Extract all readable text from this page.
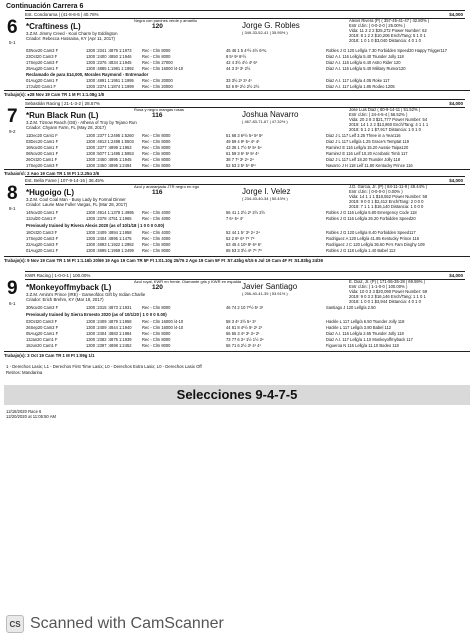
Continuación Carrera 6
6
5-1
Est. Condorama | (41-8-6-5 | 40.78%	$4,000
Negra con parches verde y amarillo
*Craftiness (L)	120	Jorge G. Robles
( 349-33-52-41 | 35.95% )
3.Z.M. Jimmy Creed - Kool Charm by Eddington
Criador: Rebecca Hossaina, KY (Apr 11, 2017)
Alexis Rivera (P) ( 357-45-41-47 | 42.80% )
Entr c/Jin: ( 0-0-2-0 | 25.00% )
Vida: 11 2 2 2 $25,272 Power Number: 62
2019: 8 1 2 2 $10,206 Ench/Tang: 5 1 0 1
2018: 1 0 1 0 $3,040 Distancia: 4 0 1 0
03Nov20 Cam3 F	1300 :2341 :4879 1:1973	Rec - Clm 8000	45 46 1 5 4¹½ 4½ 6¹¾	Robles J G 120 Lellg/a 7.30 Forbidden Speed20 Happy Trigger117
23Oct20 Cam3 F	1300 :2400 :4850 1:1946	Rec - Clm 8000	8 5¹ 9¹ 6¹½	Diaz A.I. 116 Lellg/a 5.40 Tsunder Jolly 118
17Sep20 Cam3 F	1300 :2376 :4834 1:1945	Rec - Clm 27000	42 4 3½ 4½ 4¹ 6¹	Diaz A.I. 116 Lellg/a 6.40 Astro Rider 120
29Aug20 Cam1 F	1300 :4885 1:1981 1:1992 Rec - Clm 16000 /4-10	44 3 3¹ 3¹ 2½	Diaz A.I. 116 Lellg/a 5.40 Military Rumor120
Reclamado de para $14,000, Morales Raymond - Entrenador
01Aug20 Cam1 F	1300 :4891 1:1951 1:1995 Rec - Clm 20000	33 3½ 2¹ 3¹ 4¹	Diaz A.I. 117 Lellg/a 4.05 Roke 117
17Jul20 Cam1 F	1300 :2374 1:1874 1:1999 Rec - Clm 20000	52 6 9¹ 2½ 2½ 2½	Diaz A.I. 117 Lellg/a 1.85 Rodeo 1205
Trabajo(s): ●28 Nov 19 Cam TR 1 M Ft 1:1.08g 1/8
7
9-2
Sebastián Racing | 21-1-3-2 | 28.57%	$4,000
Rosa y negro mangas rosas
*Run Black Run (L)	116	Joshua Navarro
( 467-83-71-67 | 47.32% )
3.Z.M. Tiznow Reach (GB) - Athena of Troy by Tejano Run
Criador: Chyann Farm, FL (May 28, 2017)
Jose Luis Diaz ( 60-9-14-11 | 51.52% )
Entr c/Jin: ( 24-4-5-4 | 56.52% )
Vida: 20 2 8 3 $21,777 Power Number: 54
2019: 14 1 2 2 $13,860 Ench/Tang: 4 1 1 1
2018: 5 1 2 1 $7,917 Distancia: 1 0 1 0
11Dec20 Cam1 F	1300 :2377 1:2495 1:5260 Rec - Clm 8000	51 68 3 6¹½ 5⁴ 5² 5²	Diaz J L 117 Lelf 3.25 Three in a Year116
03Dec20 Cam1 F	1300 :4913 1:2498 1:5503 Rec - Clm 8000	49 59 4 9¹ 5⁴ 4⁵ 4¹	Diaz J L 117 Lellg/a 1.25 Grace's Temptat 119
16Nov20 Cam1 F	1300 :2377 :4899 1:1953	Rec - Clm 8000	43 36 1 7½ 5¹ 5⁴ 5⁴	Ramirez E 116 Lellg/a 15.20 Aussie Taipa120
06Nov20 Cam1 F	1300 :5077 1:1495 1:5953 Rec - Clm 8000	61 59 3 6¹ 5¹ 5¹ 4¹	Ramirez E 116 Lelf 10.20 Acrobatic Timb 117
26Oct20 Cam1 F	1300 :2450 :4895 1:1945	Rec - Clm 8000	38 7 7¹ 3¹ 2⁴ 2⁴	Diaz J L 117 Lelf 18.20 Tsunder Jolly 118
17Sep20 Cam3 F	1300 :2450 :4895 1:2494	Rec - Clm 8000	52 53 2 5¹ 5⁹ 8¹¹	Navarro J H 118 Lelf 11.80 Kentucky Prince 116
Trabajo(s): 2 Ago 19 Cam TR 1 M Ft 1:2.25g 2/6
8
8-1
Est. Bella Fame | 107-9-14-16 | 36.45%	$4,000
Azul y anaranjada JTR negro en ego
*Hugoigo (L)	116	Jorge I. Velez
( 234-43-40-34 | 50.43% )
3.Z.M. Cool Coal Man - Busy Lady by Formal Dinner
Criador: Laurie Mae Fuller Vargas, FL (Mar 28, 2017)
J.D. Garcia, Jr. (P) ( 84-11-11-9 | 48.44% )
Entr c/Jin: ( 0-0-0-0 | 0.00% )
Vida: 14 1 1 1 $18,552 Power Number: 58
2019: 9 0 0 1 $2,412 Ench/Tang: 2 0 0 0
2018: 7 1 1 1 $16,140 Distancia: 1 0 0 0
14Nov20 Cam1 F	1300 :4914 1:1378 1:4995 Rec - Clm 4000	56 41 1 2½ 2¹ 2½ 2½	Robles J G 116 Lellg/a 5.80 Emergency Code 118
13Jul20 Cam1 F	1300 :2378 :4751 1:1965	Rec - Clm 4000	7 6⁴ 5⁴ 4⁷	Robles J G 116 Lellg/a 26.20 Forbidden Speed20
Previously trained by Rivera Alexis 2020 (as of 10/1/18 | 1 0 0 0 0.00)
18Oct20 Cam3 F	1300 :2409 :4894 1:1958	Rec - Clm 4000	52 44 1 5⁷ 3⁵ 2⁴ 2⁴	Robles J G 120 Lellg/a 8.40 Forbidden Speed117
17Sep20 Cam3 F	1300 :2404 :4895 1:1475	Rec - Clm 4000	52 2 8⁶ 6⁹ 7⁵ 7⁸	Rodriguez A 120 Lellg/a 41.85 Kentucky Prince 116
22Aug20 Cam3 F	1300 :4893 1:1922 1:2982 Rec - Clm 8000	63 45 4 10¹ 8¹ 6⁸ 6⁷	Rodriguez J C 120 Lellg/a 36.60 Pe's Fam Dinghy 109
01Aug20 Cam1 F	1300 :4895 1:1959 1:2499 Rec - Clm 8000	65 53 3 3½ 4⁵ 7⁶ 7⁸	Robles J G 118 Lellg/a 1.40 Babel 112
Trabajo(s): 9 Nov 19 Cam TR 1 M Ft 1:1.16b 20/69 19 Ago 19 Cam TR 5F Ft 1:01.10g 25/76 2 Ago 19 Cam 5F Ft :57.43bg 6/15 6 Jul 19 Cam 4F Ft :51.83bg 24/36
9
6-1
KWR Racing | 1-0-0-1 | 100.00%	$4,000
Azul royal, KWR en frente. Diamante gris y KWR en espalda
*Monkeyoffmyback (L)	120	Javier Santiago
( 256-40-41-39 | 53.91% )
3.Z.M. Amira's Prince (IRE) - Gameofdoc Gift by Indian Charlie
Criador: Erich Brehm, KY (Mar 18, 2017)
E. Diaz, Jr. (P) ( 171-55-35-28 | 69.59% )
Entr c/Jin: ( 1-1-0-0 | 100.00% )
Vida: 10 0 3 3 $20,090 Power Number: 59
2019: 9 0 3 2 $16,146 Ench/Tang: 1 1 0 1
2018: 1 0 0 1 $3,944 Distancia: 4 0 1 0
30Nov20 Cam3 F	1300 :2315 :4873 1:1931	Rec - Clm 8000	46 74 2 10 7¹½ 5¹ 3¹	Santiago J 120 Lellg/a 2.50
Previously trained by Sierra Ernesto 2020 (as of 10/1/20 | 1 0 0 0 0.00)
03Oct20 Cam3 F	1300 :2409 :4879 1:1958	Rec - Clm 16000 /4-10	58 3 4⁶ 2½ 5⁴ 3¹	Hackle L 117 Lellg/a 6.50 Tsunder Jolly 118
26Sep20 Cam3 F	1300 :2409 :4844 1:1940	Rec - Clm 16000 /4-10	44 81 8 4¹½ 5¹ 2¹ 2¹	Hackle L 117 Lellg/a 3.80 Babel 112
05Aug20 Cam1 F	1300 :2404 :4883 1:1984	Rec - Clm 8000	56 55 3 4⁶ 3¹ 3⁴ 2¹	Diaz A.I. 116 Lellg/a 2.65 Tsunder Jolly 118
13Jan20 Cam1 F	1300 :2382 :4875 1:1939	Rec - Clm 8000	73 77 6 3⁴ 1½ 1½ 3⁴	Diaz A.I. 117 Lellg/a 1.10 Monkeyoffmyback 117
18Jun20 Cam1 F	1300 :2397 :4898 1:2452	Rec - Clm 8000	56 71 6 2½ 3¹ 4¹ 4¹	Figueroa N 116 Lellg/a 11.10 Bodeo 118
Trabajo(s): 3 Oct 19 Cam TR 1 M Ft 1:09g 1/1
1 - Derechos Lasix; L1 - Derechos First Time Lasix; L0 - Derechos Extra Lasix; L0 - Derechos Lasix Off
Retiros: Mandarina
Selecciones 9-4-7-5
12/18/2020 Race 6
12/20/2020 at 11:05:50 AM
CS Scanned with CamScanner
